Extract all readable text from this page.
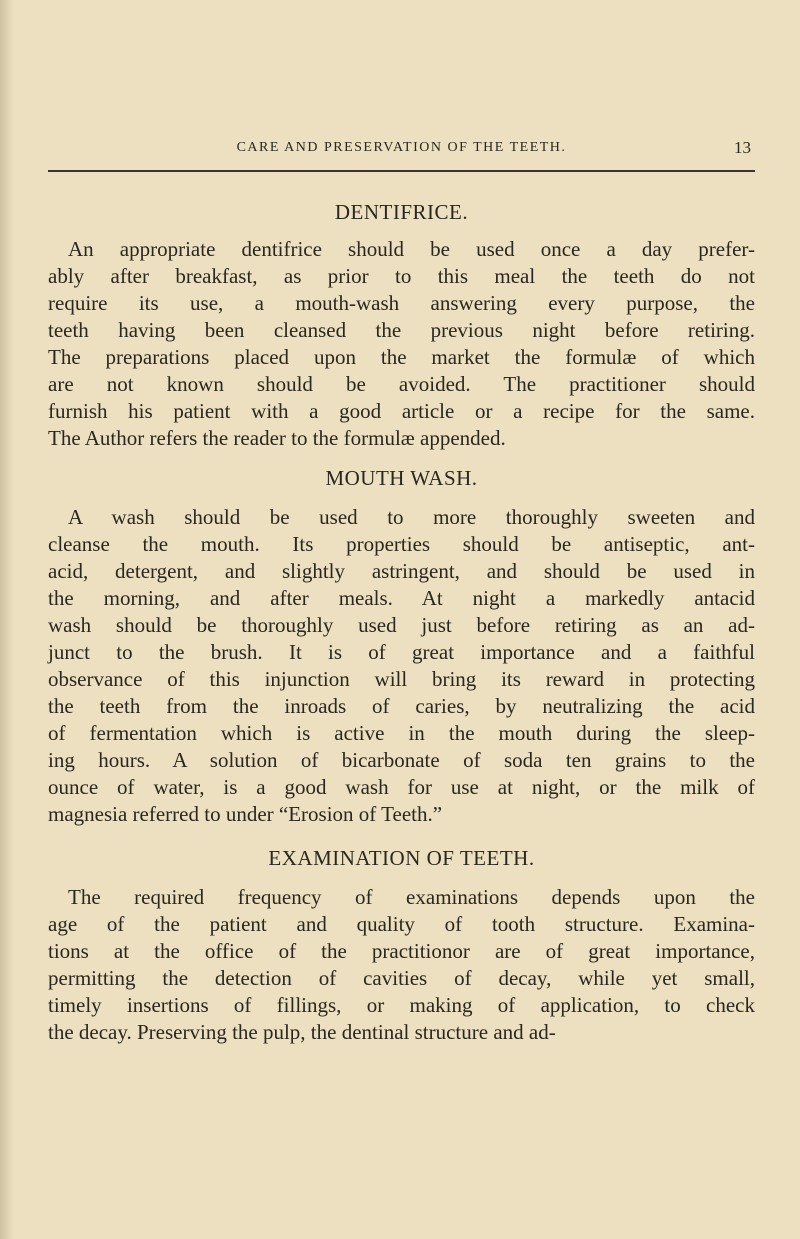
CARE AND PRESERVATION OF THE TEETH.	13
DENTIFRICE.
An appropriate dentifrice should be used once a day prefer-
ably after breakfast, as prior to this meal the teeth do not
require its use, a mouth-wash answering every purpose, the
teeth having been cleansed the previous night before retiring.
The preparations placed upon the market the formulæ of which
are not known should be avoided. The practitioner should
furnish his patient with a good article or a recipe for the same.
The Author refers the reader to the formulæ appended.
MOUTH WASH.
A wash should be used to more thoroughly sweeten and
cleanse the mouth. Its properties should be antiseptic, ant-
acid, detergent, and slightly astringent, and should be used in
the morning, and after meals. At night a markedly antacid
wash should be thoroughly used just before retiring as an ad-
junct to the brush. It is of great importance and a faithful
observance of this injunction will bring its reward in protecting
the teeth from the inroads of caries, by neutralizing the acid
of fermentation which is active in the mouth during the sleep-
ing hours. A solution of bicarbonate of soda ten grains to the
ounce of water, is a good wash for use at night, or the milk of
magnesia referred to under “Erosion of Teeth.”
EXAMINATION OF TEETH.
The required frequency of examinations depends upon the
age of the patient and quality of tooth structure. Examina-
tions at the office of the practitionor are of great importance,
permitting the detection of cavities of decay, while yet small,
timely insertions of fillings, or making of application, to check
the decay. Preserving the pulp, the dentinal structure and ad-
